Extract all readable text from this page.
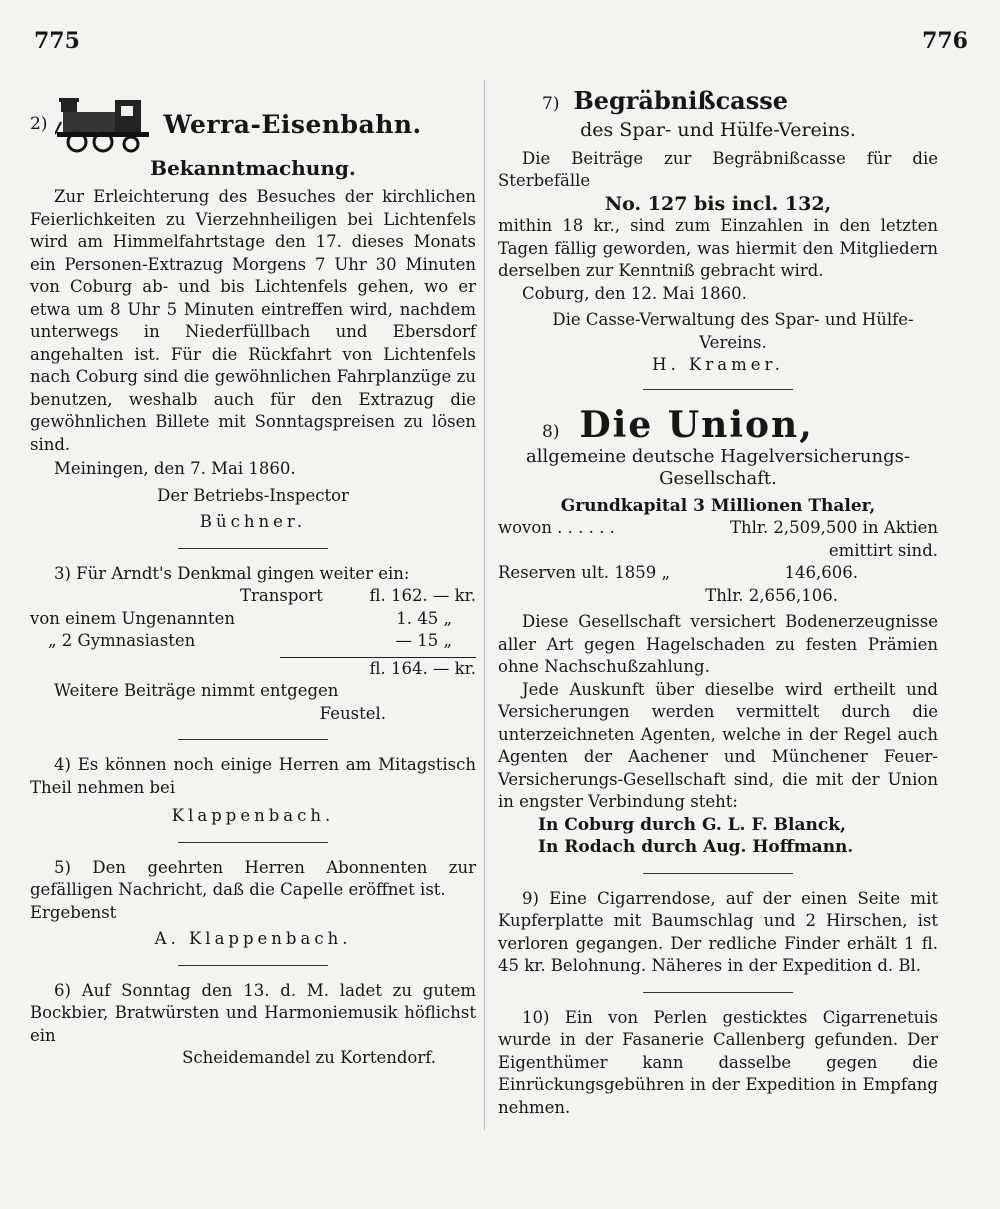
775	776
2)	Werra-Eisenbahn.
Bekanntmachung.

Zur Erleichterung des Besuches der kirchlichen Feierlichkeiten zu Vierzehnheiligen bei Lichtenfels wird am Himmelfahrtstage den 17. dieses Monats ein Personen-Extrazug Morgens 7 Uhr 30 Minuten von Coburg ab- und bis Lichtenfels gehen, wo er etwa um 8 Uhr 5 Minuten eintreffen wird, nachdem unterwegs in Niederfüllbach und Ebersdorf angehalten ist. Für die Rückfahrt von Lichtenfels nach Coburg sind die gewöhnlichen Fahrplanzüge zu benutzen, weshalb auch für den Extrazug die gewöhnlichen Billete mit Sonntagspreisen zu lösen sind.

Meiningen, den 7. Mai 1860.

Der Betriebs-Inspector

Büchner.

3) Für Arndt's Denkmal gingen weiter ein:

Transport	fl. 162. — kr.
von einem Ungenannten	1. 45 „
„ 2 Gymnasiasten	— 15 „

fl. 164. — kr.

Weitere Beiträge nimmt entgegen

Feustel.

4) Es können noch einige Herren am Mitagstisch Theil nehmen bei

Klappenbach.

5) Den geehrten Herren Abonnenten zur gefälligen Nachricht, daß die Capelle eröffnet ist.

Ergebenst

A. Klappenbach.

6) Auf Sonntag den 13. d. M. ladet zu gutem Bockbier, Bratwürsten und Harmoniemusik höflichst ein

Scheidemandel zu Kortendorf.

7) Begräbnißcasse

des Spar- und Hülfe-Vereins.

Die Beiträge zur Begräbnißcasse für die Sterbefälle

No. 127 bis incl. 132,

mithin 18 kr., sind zum Einzahlen in den letzten Tagen fällig geworden, was hiermit den Mitgliedern derselben zur Kenntniß gebracht wird.

Coburg, den 12. Mai 1860.

Die Casse-Verwaltung des Spar- und Hülfe-Vereins.

H. Kramer.

8) Die Union,

allgemeine deutsche Hagelversicherungs-

Gesellschaft.

Grundkapital 3 Millionen Thaler,

wovon . . . . . .	Thlr. 2,509,500 in Aktien

emittirt sind.

Reserven ult. 1859 „	146,606.

Thlr. 2,656,106.

Diese Gesellschaft versichert Bodenerzeugnisse aller Art gegen Hagelschaden zu festen Prämien ohne Nachschußzahlung.

Jede Auskunft über dieselbe wird ertheilt und Versicherungen werden vermittelt durch die unterzeichneten Agenten, welche in der Regel auch Agenten der Aachener und Münchener Feuer-Versicherungs-Gesellschaft sind, die mit der Union in engster Verbindung steht:

In Coburg durch G. L. F. Blanck,

In Rodach durch Aug. Hoffmann.

9) Eine Cigarrendose, auf der einen Seite mit Kupferplatte mit Baumschlag und 2 Hirschen, ist verloren gegangen. Der redliche Finder erhält 1 fl. 45 kr. Belohnung. Näheres in der Expedition d. Bl.

10) Ein von Perlen gesticktes Cigarrenetuis wurde in der Fasanerie Callenberg gefunden. Der Eigenthümer kann dasselbe gegen die Einrückungsgebühren in der Expedition in Empfang nehmen.
